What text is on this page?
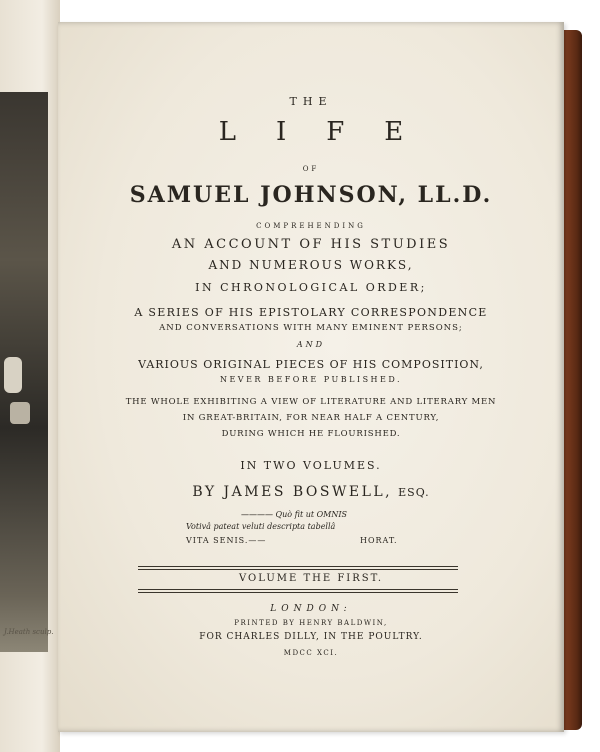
J.Heath sculp.
THE
LIFE
OF
SAMUEL JOHNSON, LL.D.
COMPREHENDING
AN ACCOUNT OF HIS STUDIES
AND NUMEROUS WORKS,
IN CHRONOLOGICAL ORDER;
A SERIES OF HIS EPISTOLARY CORRESPONDENCE
AND CONVERSATIONS WITH MANY EMINENT PERSONS;
AND
VARIOUS ORIGINAL PIECES OF HIS COMPOSITION,
NEVER BEFORE PUBLISHED.
THE WHOLE EXHIBITING A VIEW OF LITERATURE AND LITERARY MEN
IN GREAT-BRITAIN, FOR NEAR HALF A CENTURY,
DURING WHICH HE FLOURISHED.
IN TWO VOLUMES.
BY JAMES BOSWELL, ESQ.
———— Quò fit ut OMNIS
Votivâ pateat veluti descripta tabellâ
VITA SENIS.——	HORAT.
VOLUME THE FIRST.
LONDON:
PRINTED BY HENRY BALDWIN,
FOR CHARLES DILLY, IN THE POULTRY.
MDCC XCI.
